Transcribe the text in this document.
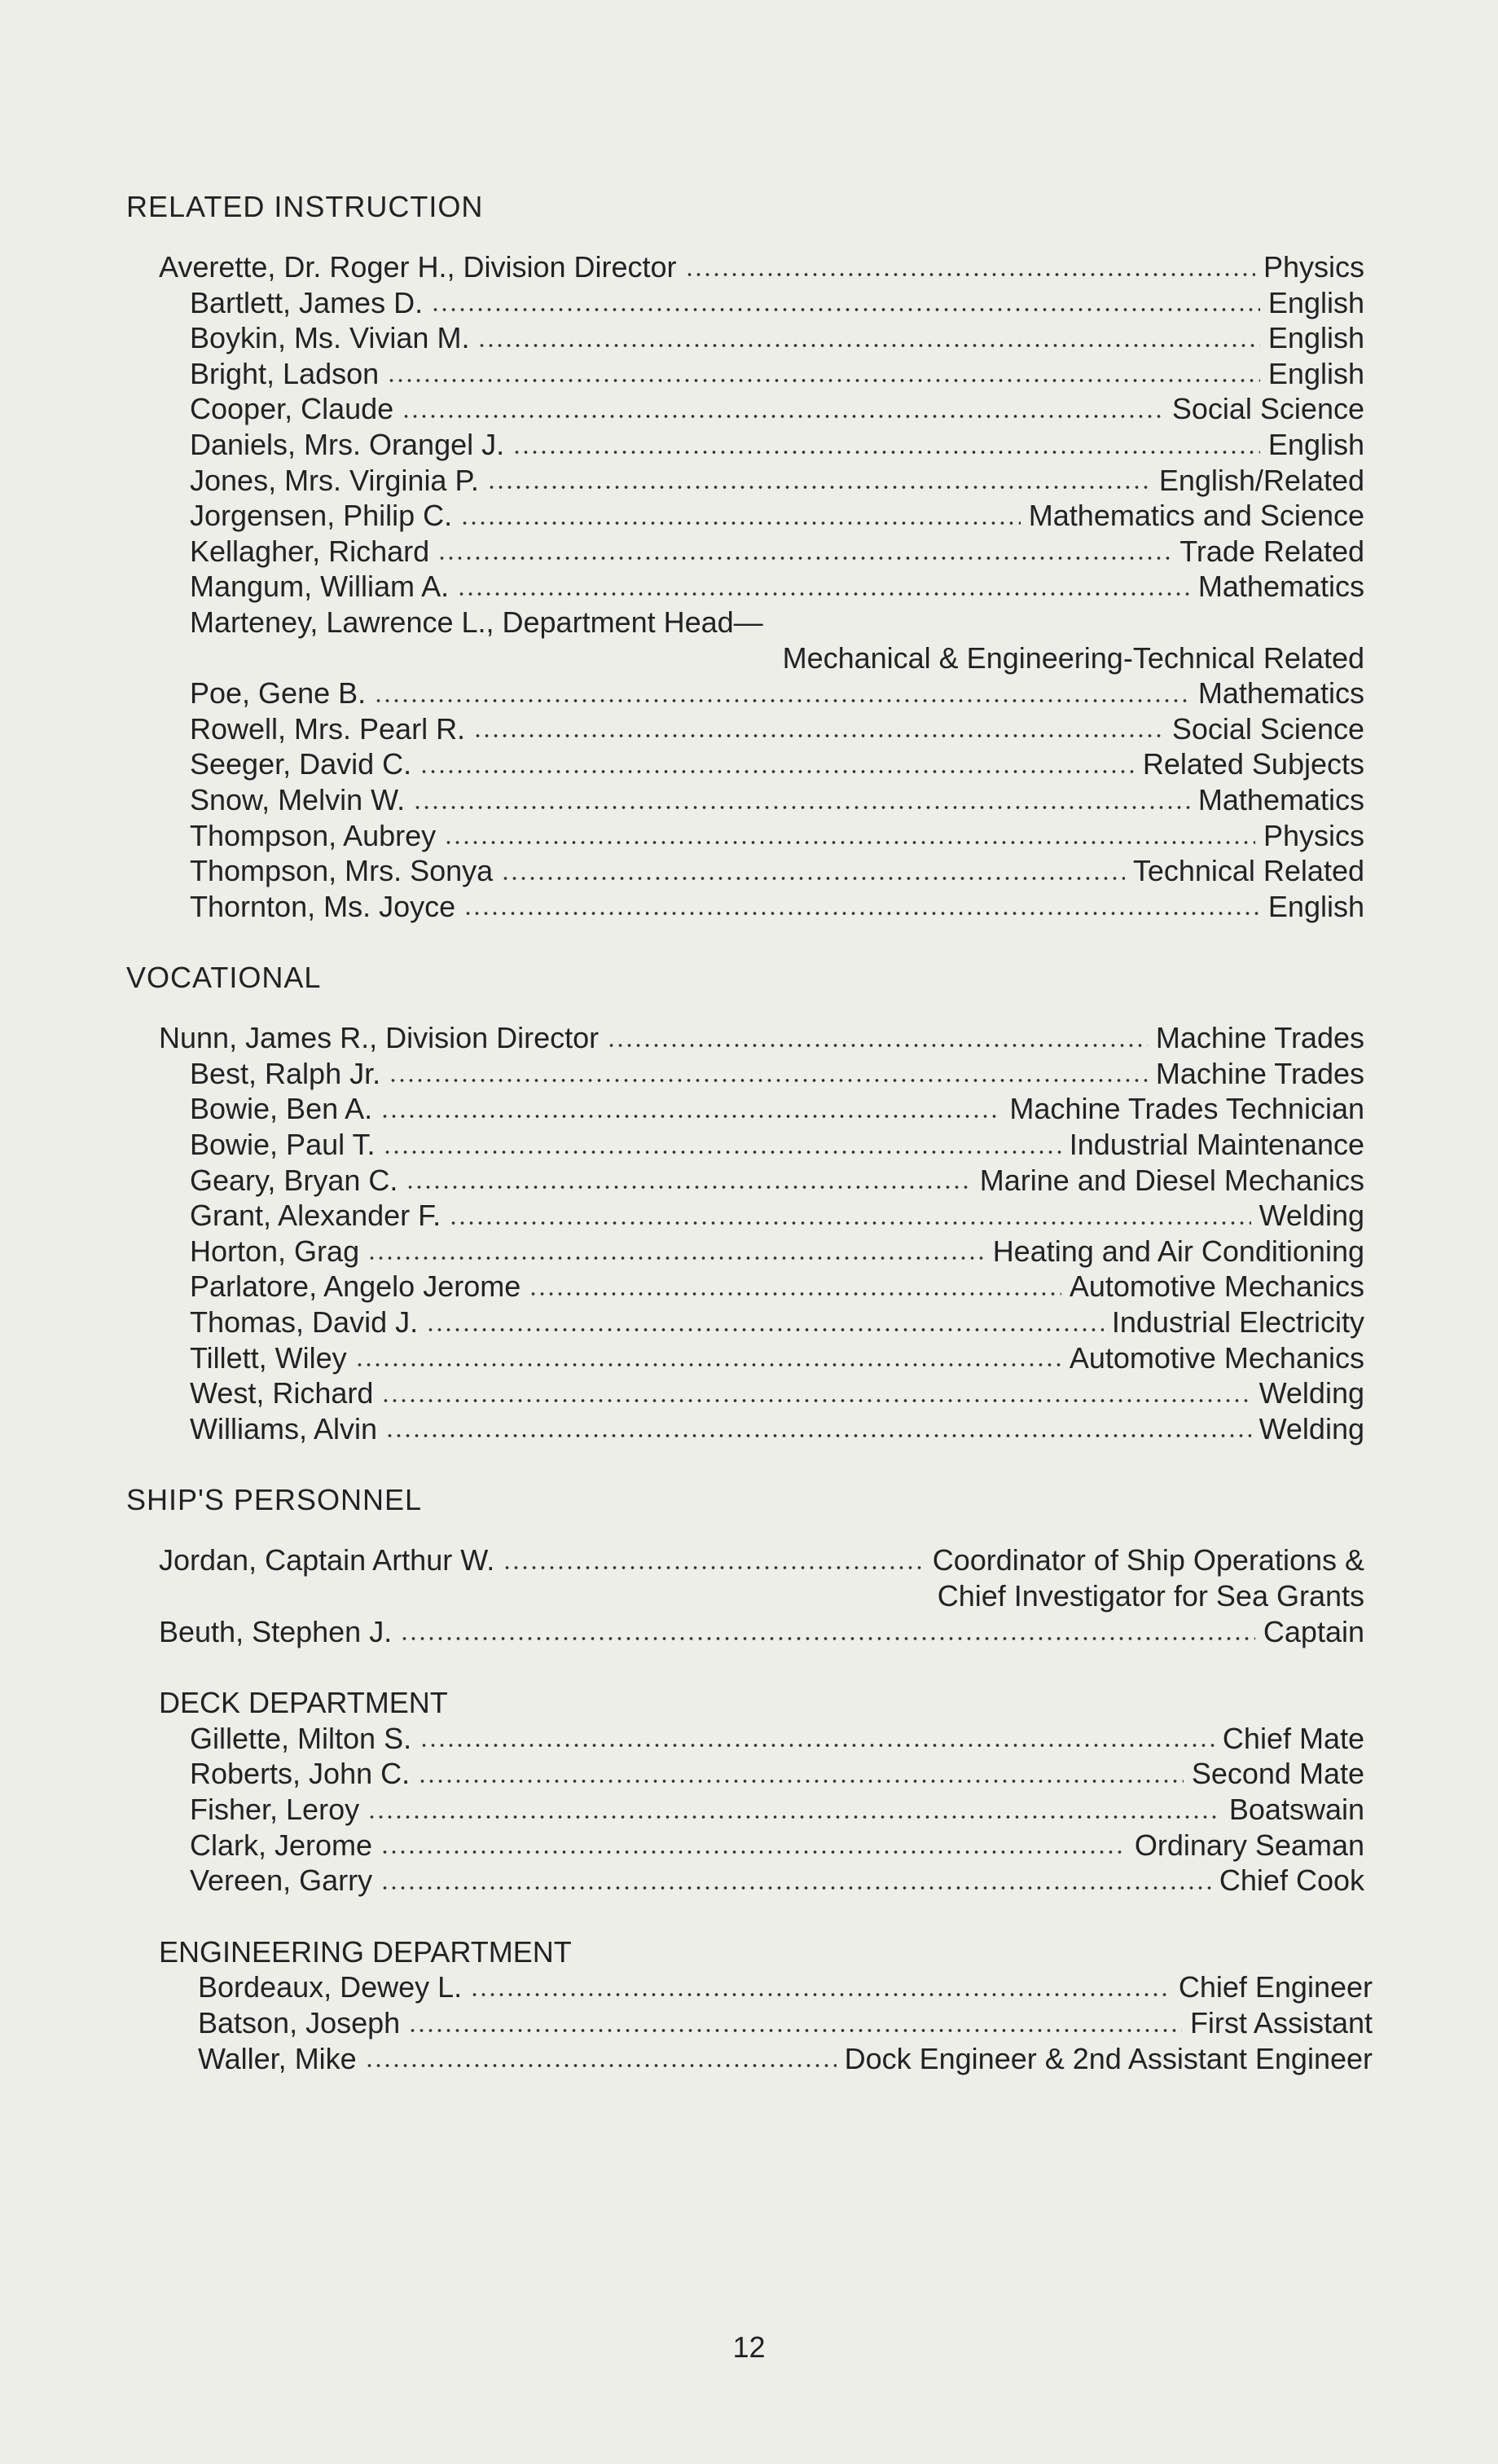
RELATED INSTRUCTION
Averette, Dr. Roger H., Division Director	Physics
Bartlett, James D.	English
Boykin, Ms. Vivian M.	English
Bright, Ladson	English
Cooper, Claude	Social Science
Daniels, Mrs. Orangel J.	English
Jones, Mrs. Virginia P.	English/Related
Jorgensen, Philip C.	Mathematics and Science
Kellagher, Richard	Trade Related
Mangum, William A.	Mathematics
Marteney, Lawrence L., Department Head—
Mechanical & Engineering-Technical Related
Poe, Gene B.	Mathematics
Rowell, Mrs. Pearl R.	Social Science
Seeger, David C.	Related Subjects
Snow, Melvin W.	Mathematics
Thompson, Aubrey	Physics
Thompson, Mrs. Sonya	Technical Related
Thornton, Ms. Joyce	English
VOCATIONAL
Nunn, James R., Division Director	Machine Trades
Best, Ralph Jr.	Machine Trades
Bowie, Ben A.	Machine Trades Technician
Bowie, Paul T.	Industrial Maintenance
Geary, Bryan C.	Marine and Diesel Mechanics
Grant, Alexander F.	Welding
Horton, Grag	Heating and Air Conditioning
Parlatore, Angelo Jerome	Automotive Mechanics
Thomas, David J.	Industrial Electricity
Tillett, Wiley	Automotive Mechanics
West, Richard	Welding
Williams, Alvin	Welding
SHIP'S PERSONNEL
Jordan, Captain Arthur W.	Coordinator of Ship Operations &
Chief Investigator for Sea Grants
Beuth, Stephen J.	Captain
DECK DEPARTMENT
Gillette, Milton S.	Chief Mate
Roberts, John C.	Second Mate
Fisher, Leroy	Boatswain
Clark, Jerome	Ordinary Seaman
Vereen, Garry	Chief Cook
ENGINEERING DEPARTMENT
Bordeaux, Dewey L.	Chief Engineer
Batson, Joseph	First Assistant
Waller, Mike	Dock Engineer & 2nd Assistant Engineer
12
